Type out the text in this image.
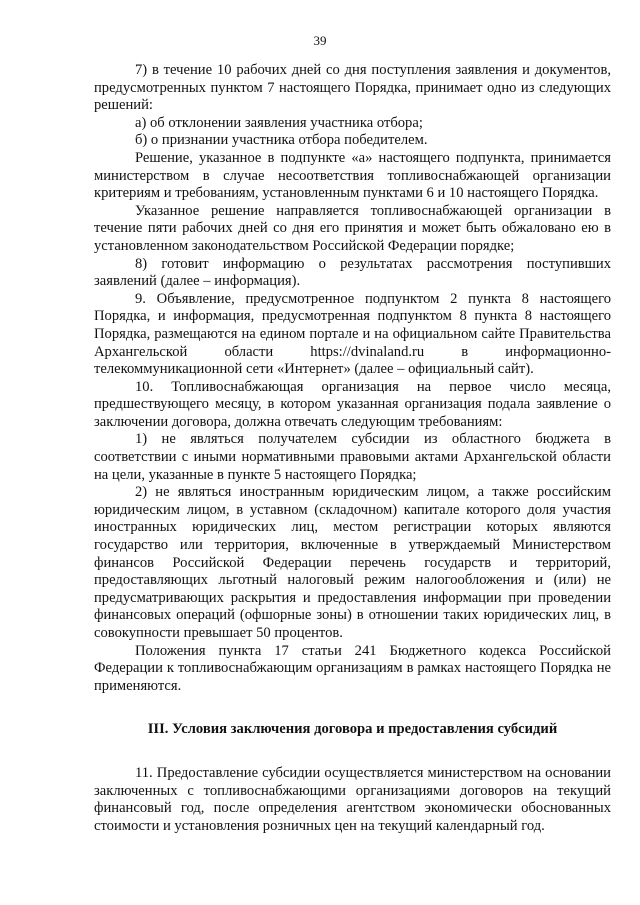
39

7) в течение 10 рабочих дней со дня поступления заявления и документов, предусмотренных пунктом 7 настоящего Порядка, принимает одно из следующих решений:

а) об отклонении заявления участника отбора;

б) о признании участника отбора победителем.

Решение, указанное в подпункте «а» настоящего подпункта, принимается министерством в случае несоответствия топливоснабжающей организации критериям и требованиям, установленным пунктами 6 и 10 настоящего Порядка.

Указанное решение направляется топливоснабжающей организации в течение пяти рабочих дней со дня его принятия и может быть обжаловано ею в установленном законодательством Российской Федерации порядке;

8) готовит информацию о результатах рассмотрения поступивших заявлений (далее – информация).

9. Объявление, предусмотренное подпунктом 2 пункта 8 настоящего Порядка, и информация, предусмотренная подпунктом 8 пункта 8 настоящего Порядка, размещаются на едином портале и на официальном сайте Правительства Архангельской области https://dvinaland.ru в информационно-телекоммуникационной сети «Интернет» (далее – официальный сайт).

10. Топливоснабжающая организация на первое число месяца, предшествующего месяцу, в котором указанная организация подала заявление о заключении договора, должна отвечать следующим требованиям:

1) не являться получателем субсидии из областного бюджета в соответствии с иными нормативными правовыми актами Архангельской области на цели, указанные в пункте 5 настоящего Порядка;

2) не являться иностранным юридическим лицом, а также российским юридическим лицом, в уставном (складочном) капитале которого доля участия иностранных юридических лиц, местом регистрации которых являются государство или территория, включенные в утверждаемый Министерством финансов Российской Федерации перечень государств и территорий, предоставляющих льготный налоговый режим налогообложения и (или) не предусматривающих раскрытия и предоставления информации при проведении финансовых операций (офшорные зоны) в отношении таких юридических лиц, в совокупности превышает 50 процентов.

Положения пункта 17 статьи 241 Бюджетного кодекса Российской Федерации к топливоснабжающим организациям в рамках настоящего Порядка не применяются.

III. Условия заключения договора и предоставления субсидий

11. Предоставление субсидии осуществляется министерством на основании заключенных с топливоснабжающими организациями договоров на текущий финансовый год, после определения агентством экономически обоснованных стоимости и установления розничных цен на текущий календарный год.
